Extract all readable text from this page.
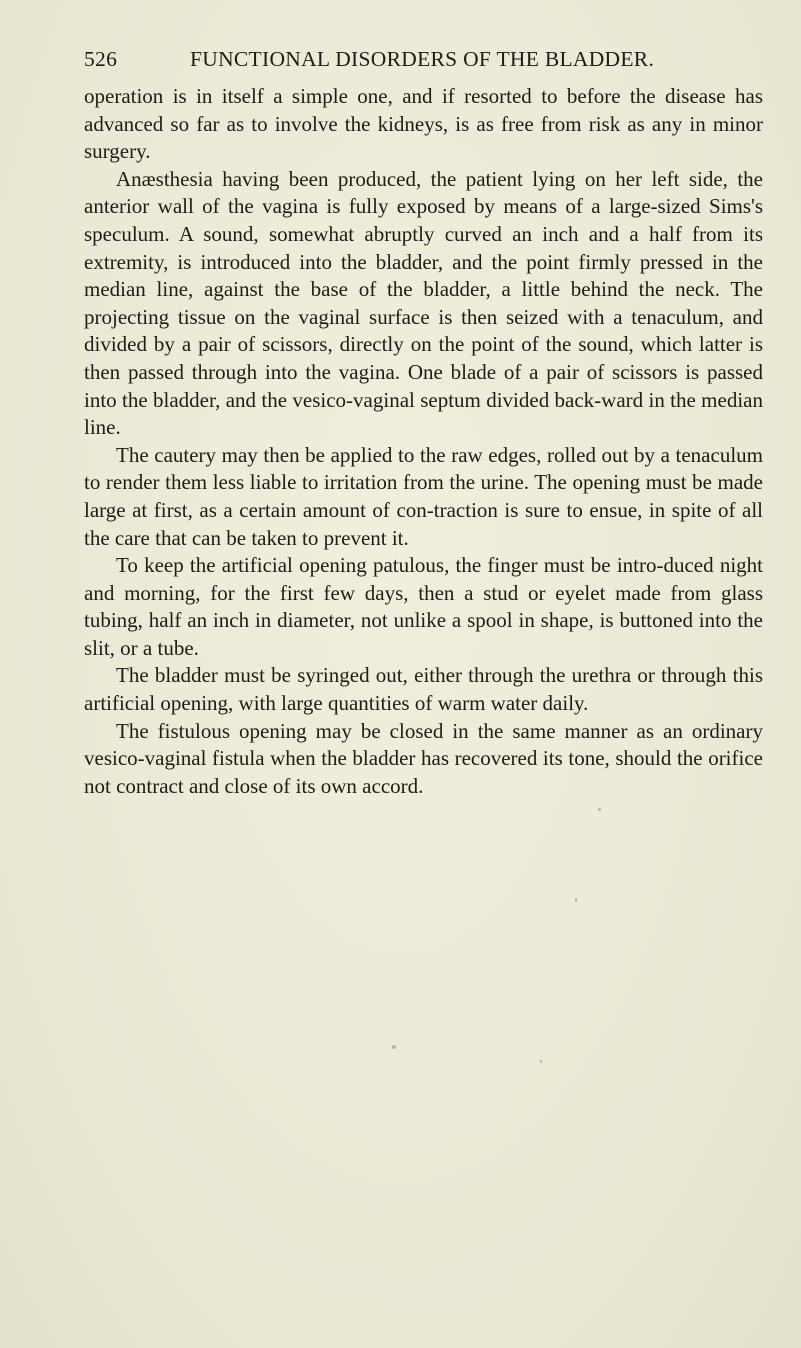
526	FUNCTIONAL DISORDERS OF THE BLADDER.

operation is in itself a simple one, and if resorted to before the disease has advanced so far as to involve the kidneys, is as free from risk as any in minor surgery.

Anæsthesia having been produced, the patient lying on her left side, the anterior wall of the vagina is fully exposed by means of a large-sized Sims's speculum. A sound, somewhat abruptly curved an inch and a half from its extremity, is introduced into the bladder, and the point firmly pressed in the median line, against the base of the bladder, a little behind the neck. The projecting tissue on the vaginal surface is then seized with a tenaculum, and divided by a pair of scissors, directly on the point of the sound, which latter is then passed through into the vagina. One blade of a pair of scissors is passed into the bladder, and the vesico-vaginal septum divided back-ward in the median line.

The cautery may then be applied to the raw edges, rolled out by a tenaculum to render them less liable to irritation from the urine. The opening must be made large at first, as a certain amount of con-traction is sure to ensue, in spite of all the care that can be taken to prevent it.

To keep the artificial opening patulous, the finger must be intro-duced night and morning, for the first few days, then a stud or eyelet made from glass tubing, half an inch in diameter, not unlike a spool in shape, is buttoned into the slit, or a tube.

The bladder must be syringed out, either through the urethra or through this artificial opening, with large quantities of warm water daily.

The fistulous opening may be closed in the same manner as an ordinary vesico-vaginal fistula when the bladder has recovered its tone, should the orifice not contract and close of its own accord.
